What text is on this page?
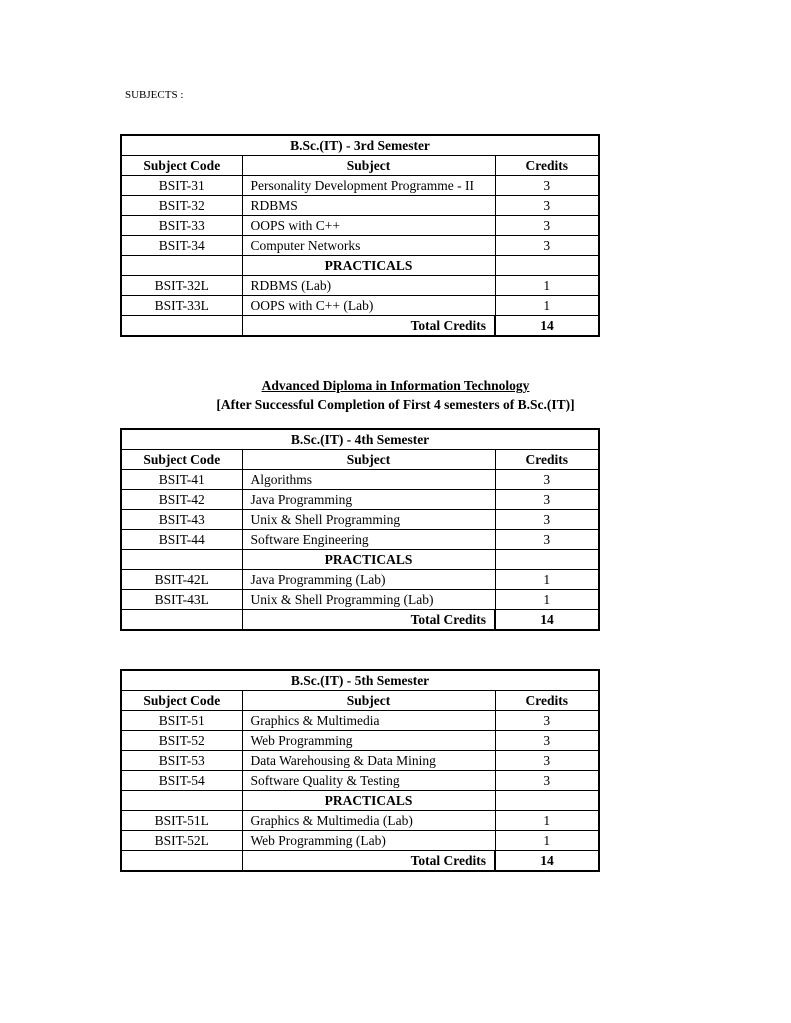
SUBJECTS :
B.Sc.(IT) - 3rd Semester		
Subject Code	Subject	Credits
BSIT-31	Personality Development Programme - II	3
BSIT-32	RDBMS	3
BSIT-33	OOPS with C++	3
BSIT-34	Computer Networks	3
	PRACTICALS	
BSIT-32L	RDBMS (Lab)	1
BSIT-33L	OOPS with C++ (Lab)	1
	Total Credits	14
Advanced Diploma in Information Technology
[After Successful Completion of First 4 semesters of B.Sc.(IT)]
B.Sc.(IT) - 4th Semester		
Subject Code	Subject	Credits
BSIT-41	Algorithms	3
BSIT-42	Java Programming	3
BSIT-43	Unix & Shell Programming	3
BSIT-44	Software Engineering	3
	PRACTICALS	
BSIT-42L	Java Programming (Lab)	1
BSIT-43L	Unix & Shell Programming (Lab)	1
	Total Credits	14
B.Sc.(IT) - 5th Semester		
Subject Code	Subject	Credits
BSIT-51	Graphics & Multimedia	3
BSIT-52	Web Programming	3
BSIT-53	Data Warehousing & Data Mining	3
BSIT-54	Software Quality & Testing	3
	PRACTICALS	
BSIT-51L	Graphics & Multimedia (Lab)	1
BSIT-52L	Web Programming (Lab)	1
	Total Credits	14
